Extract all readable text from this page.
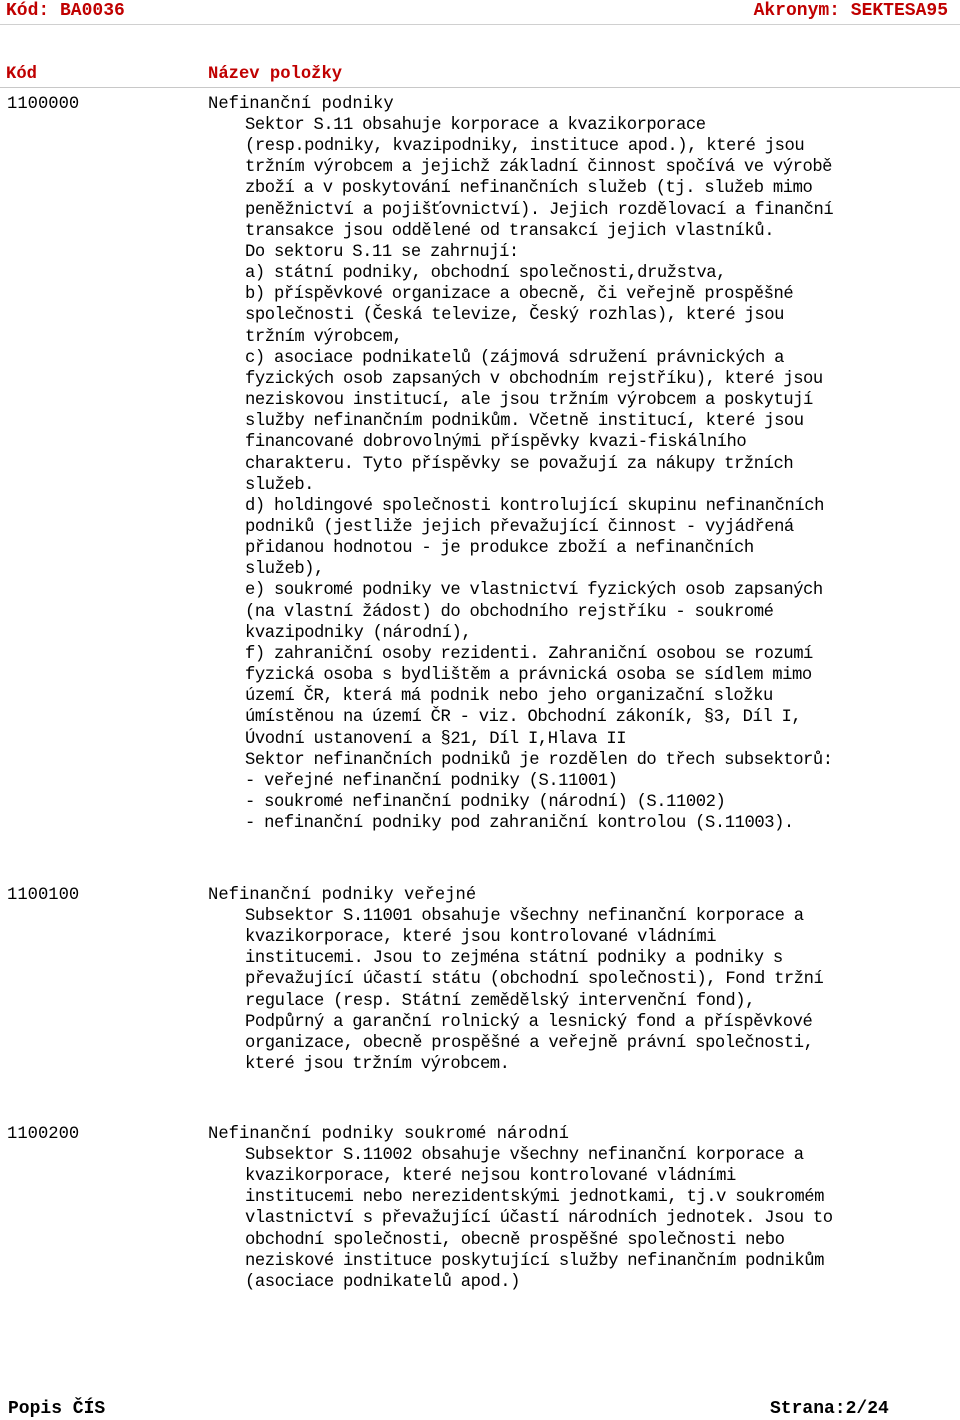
Kód: BA0036	Akronym: SEKTESA95
Kód	Název položky
1100000	Nefinanční podniky
Sektor S.11 obsahuje korporace a kvazikorporace
(resp.podniky, kvazipodniky, instituce apod.), které jsou
tržním výrobcem a jejichž základní činnost spočívá ve výrobě
zboží a v poskytování nefinančních služeb (tj. služeb mimo
peněžnictví a pojišťovnictví). Jejich rozdělovací a finanční
transakce jsou oddělené od transakcí jejich vlastníků.
Do sektoru S.11 se zahrnují:
a) státní podniky, obchodní společnosti,družstva,
b) příspěvkové organizace a obecně, či veřejně prospěšné
společnosti (Česká televize, Český rozhlas), které jsou
tržním výrobcem,
c) asociace podnikatelů (zájmová sdružení právnických a
fyzických osob zapsaných v obchodním rejstříku), které jsou
neziskovou institucí, ale jsou tržním výrobcem a poskytují
služby nefinančním podnikům. Včetně institucí, které jsou
financované dobrovolnými příspěvky kvazi-fiskálního
charakteru. Tyto příspěvky se považují za nákupy tržních
služeb.
d) holdingové společnosti kontrolující skupinu nefinančních
podniků (jestliže jejich převažující činnost - vyjádřená
přidanou hodnotou - je produkce zboží a nefinančních
služeb),
e) soukromé podniky ve vlastnictví fyzických osob zapsaných
(na vlastní žádost) do obchodního rejstříku - soukromé
kvazipodniky (národní),
f) zahraniční osoby rezidenti. Zahraniční osobou se rozumí
fyzická osoba s bydlištěm a právnická osoba se sídlem mimo
území ČR, která má podnik nebo jeho organizační složku
úmístěnou na území ČR - viz. Obchodní zákoník, §3, Díl I,
Úvodní ustanovení a §21, Díl I,Hlava II
Sektor nefinančních podniků je rozdělen do třech subsektorů:
- veřejné nefinanční podniky (S.11001)
- soukromé nefinanční podniky (národní) (S.11002)
- nefinanční podniky pod zahraniční kontrolou (S.11003).
1100100	Nefinanční podniky veřejné
Subsektor S.11001 obsahuje všechny nefinanční korporace a
kvazikorporace, které jsou kontrolované vládními
institucemi. Jsou to zejména státní podniky a podniky s
převažující účastí státu (obchodní společnosti), Fond tržní
regulace (resp. Státní zemědělský intervenční fond),
Podpůrný a garanční rolnický a lesnický fond a příspěvkové
organizace, obecně prospěšné a veřejně právní společnosti,
které jsou tržním výrobcem.
1100200	Nefinanční podniky soukromé národní
Subsektor S.11002 obsahuje všechny nefinanční korporace a
kvazikorporace, které nejsou kontrolované vládními
institucemi nebo nerezidentskými jednotkami, tj.v soukromém
vlastnictví s převažující účastí národních jednotek. Jsou to
obchodní společnosti, obecně prospěšné společnosti nebo
neziskové instituce poskytující služby nefinančním podnikům
(asociace podnikatelů apod.)
Popis ČÍS	Strana:2/24
